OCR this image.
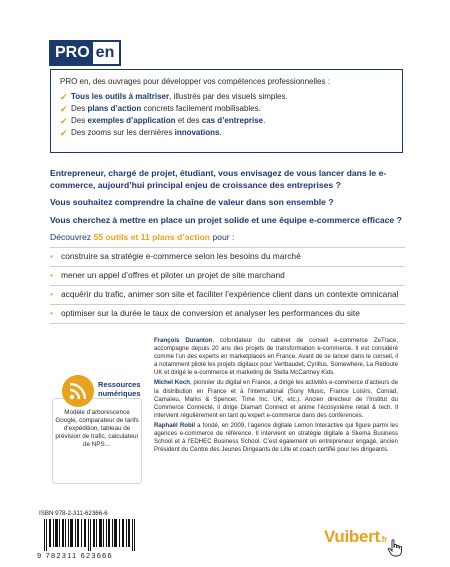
PRO en

PRO en, des ouvrages pour développer vos compétences professionnelles :

✔ Tous les outils à maîtriser, illustrés par des visuels simples.
✔ Des plans d’action concrets facilement mobilisables.
✔ Des exemples d’application et des cas d’entreprise.
✔ Des zooms sur les dernières innovations.

Entrepreneur, chargé de projet, étudiant, vous envisagez de vous lancer dans le e-commerce, aujourd’hui principal enjeu de croissance des entreprises ?

Vous souhaitez comprendre la chaîne de valeur dans son ensemble ?

Vous cherchez à mettre en place un projet solide et une équipe e-commerce efficace ?

Découvrez 55 outils et 11 plans d’action pour :

• construire sa stratégie e-commerce selon les besoins du marché
• mener un appel d’offres et piloter un projet de site marchand
• acquérir du trafic, animer son site et faciliter l’expérience client dans un contexte omnicanal
• optimiser sur la durée le taux de conversion et analyser les performances du site

François Duranton, cofondateur du cabinet de conseil e-commerce ZeTrace, accompagne depuis 20 ans des projets de transformation e-commerce. Il est considéré comme l’un des experts en marketplaces en France. Avant de se lancer dans le conseil, il a notamment piloté les projets digitaux pour Vertbaudet, Cyrillus, Somewhere, La Redoute UK et dirigé le e-commerce et marketing de Stella McCartney Kids.

Michel Koch, pionnier du digital en France, a dirigé les activités e-commerce d’acteurs de la distribution en France et à l’international (Sony Music, France Loisirs, Conrad, Camaïeu, Marks & Spencer, Time Inc. UK, etc.). Ancien directeur de l’Institut du Commerce Connecté, il dirige Diamart Connect et anime l’écosystème retail & tech. Il intervient régulièrement en tant qu’expert e-commerce dans des conférences.

Raphaël Robil a fondé, en 2009, l’agence digitale Lemon Interactive qui figure parmi les agences e-commerce de référence. Il intervient en stratégie digitale à Skema Business School et à l’EDHEC Business School. C’est également un entrepreneur engagé, ancien Président du Centre des Jeunes Dirigeants de Lille et coach certifié pour les dirigeants.

Ressources
numériques

Modèle d’arborescence Google, comparateur de tarifs d’expédition, tableau de prévision de trafic, calculateur de NPS…

ISBN 978-2-311-62366-6
9 782311 623666
Vuibert.fr
